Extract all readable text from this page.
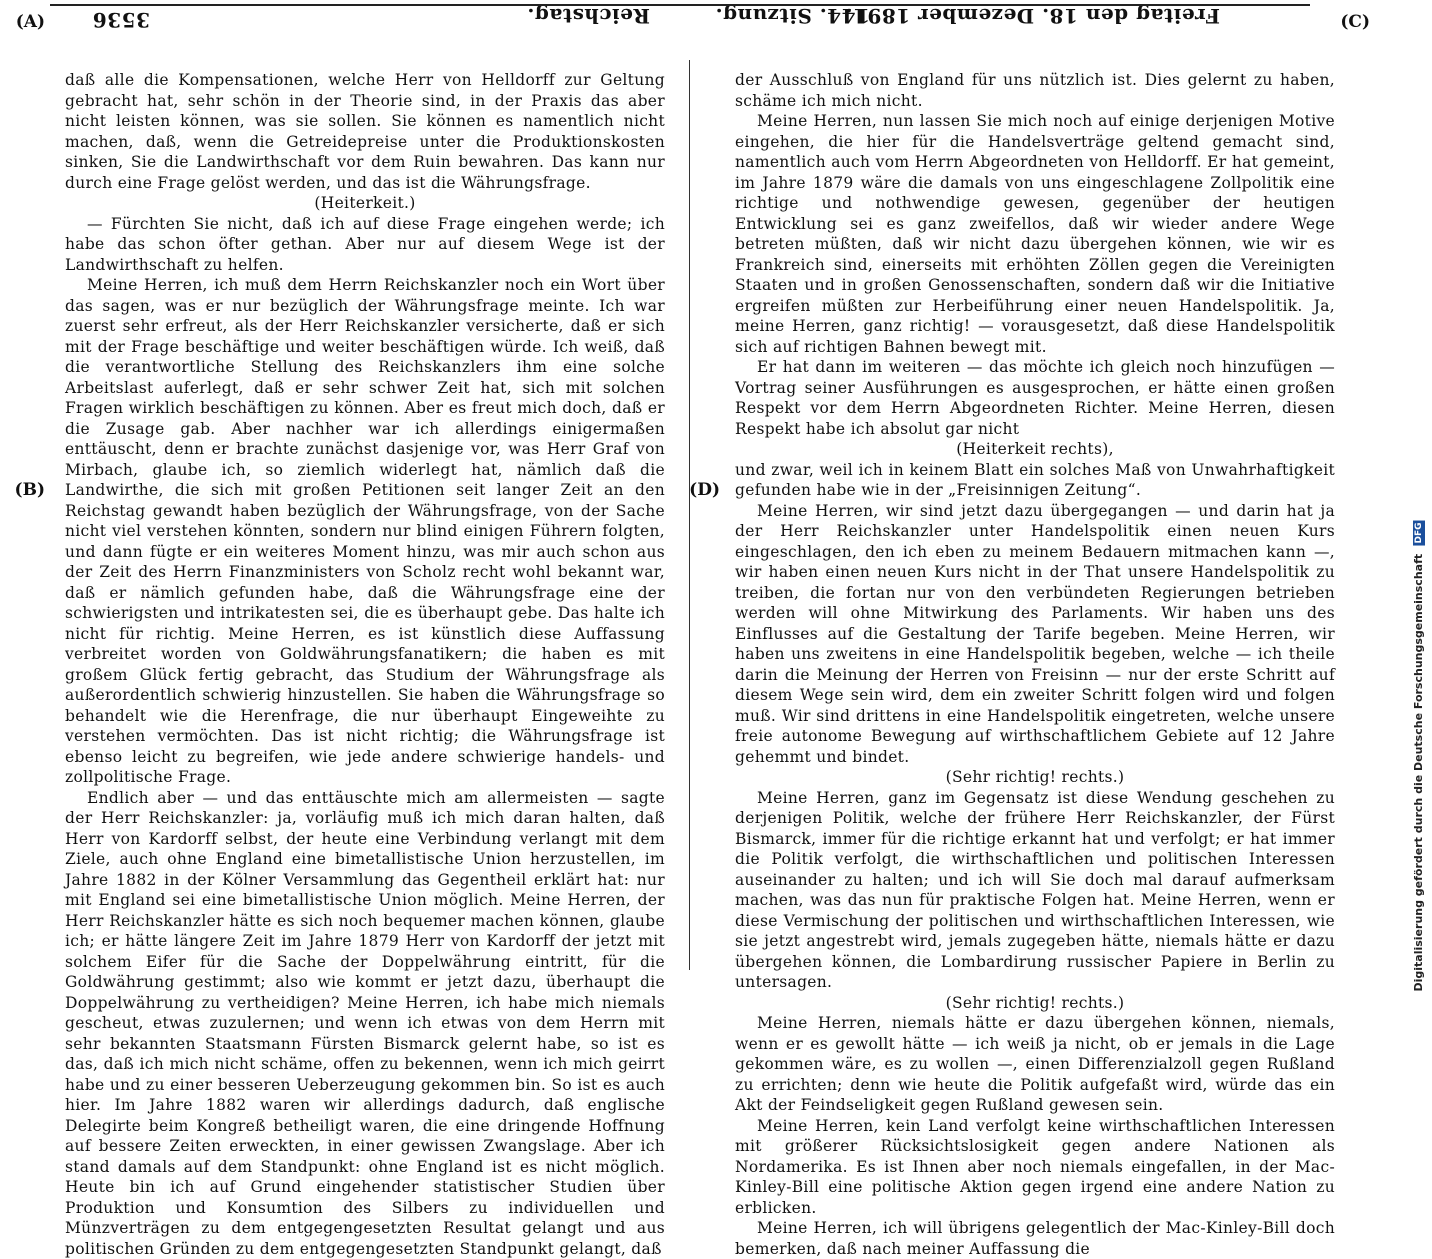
3536	Reichstag.	144. Sitzung.
Freitag den 18. Dezember 1891.

daß alle die Kompensationen, welche Herr von Helldorff zur Geltung gebracht hat, sehr schön in der Theorie sind, in der Praxis das aber nicht leisten können, was sie sollen. Sie können es namentlich nicht machen, daß, wenn die Getreidepreise unter die Produktionskosten sinken, Sie die Landwirthschaft vor dem Ruin bewahren. Das kann nur durch eine Frage gelöst werden, und das ist die Währungsfrage.

(Heiterkeit.)

— Fürchten Sie nicht, daß ich auf diese Frage eingehen werde; ich habe das schon öfter gethan. Aber nur auf diesem Wege ist der Landwirthschaft zu helfen.

Meine Herren, ich muß dem Herrn Reichskanzler noch ein Wort über das sagen, was er nur bezüglich der Währungsfrage meinte. Ich war zuerst sehr erfreut, als der Herr Reichskanzler versicherte, daß er sich mit der Frage beschäftige und weiter beschäftigen würde. Ich weiß, daß die verantwortliche Stellung des Reichskanzlers ihm eine solche Arbeitslast auferlegt, daß er sehr schwer Zeit hat, sich mit solchen Fragen wirklich beschäftigen zu können. Aber es freut mich doch, daß er die Zusage gab. Aber nachher war ich allerdings einigermaßen enttäuscht, denn er brachte zunächst dasjenige vor, was Herr Graf von Mirbach, glaube ich, so ziemlich widerlegt hat, nämlich daß die Landwirthe, die sich mit großen Petitionen seit langer Zeit an den Reichstag gewandt haben bezüglich der Währungsfrage, von der Sache nicht viel verstehen könnten, sondern nur blind einigen Führern folgten, und dann fügte er ein weiteres Moment hinzu, was mir auch schon aus der Zeit des Herrn Finanzministers von Scholz recht wohl bekannt war, daß er nämlich gefunden habe, daß die Währungsfrage eine der schwierigsten und intrikatesten sei, die es überhaupt gebe. Das halte ich nicht für richtig. Meine Herren, es ist künstlich diese Auffassung verbreitet worden von Goldwährungsfanatikern; die haben es mit großem Glück fertig gebracht, das Studium der Währungsfrage als außerordentlich schwierig hinzustellen. Sie haben die Währungsfrage so behandelt wie die Herenfrage, die nur überhaupt Eingeweihte zu verstehen vermöchten. Das ist nicht richtig; die Währungsfrage ist ebenso leicht zu begreifen, wie jede andere schwierige handels- und zollpolitische Frage.

Endlich aber — und das enttäuschte mich am allermeisten — sagte der Herr Reichskanzler: ja, vorläufig muß ich mich daran halten, daß Herr von Kardorff selbst, der heute eine Verbindung verlangt mit dem Ziele, auch ohne England eine bimetallistische Union herzustellen, im Jahre 1882 in der Kölner Versammlung das Gegentheil erklärt hat: nur mit England sei eine bimetallistische Union möglich. Meine Herren, der Herr Reichskanzler hätte es sich noch bequemer machen können, glaube ich; er hätte längere Zeit im Jahre 1879 Herr von Kardorff der jetzt mit solchem Eifer für die Sache der Doppelwährung eintritt, für die Goldwährung gestimmt; also wie kommt er jetzt dazu, überhaupt die Doppelwährung zu vertheidigen? Meine Herren, ich habe mich niemals gescheut, etwas zuzulernen; und wenn ich etwas von dem Herrn mit sehr bekannten Staatsmann Fürsten Bismarck gelernt habe, so ist es das, daß ich mich nicht schäme, offen zu bekennen, wenn ich mich geirrt habe und zu einer besseren Ueberzeugung gekommen bin. So ist es auch hier. Im Jahre 1882 waren wir allerdings dadurch, daß englische Delegirte beim Kongreß betheiligt waren, die eine dringende Hoffnung auf bessere Zeiten erweckten, in einer gewissen Zwangslage. Aber ich stand damals auf dem Standpunkt: ohne England ist es nicht möglich. Heute bin ich auf Grund eingehender statistischer Studien über Produktion und Konsumtion des Silbers zu individuellen und Münzverträgen zu dem entgegengesetzten Resultat gelangt und aus politischen Gründen zu dem entgegengesetzten Standpunkt gelangt, daß

der Ausschluß von England für uns nützlich ist. Dies gelernt zu haben, schäme ich mich nicht.

Meine Herren, nun lassen Sie mich noch auf einige derjenigen Motive eingehen, die hier für die Handelsverträge geltend gemacht sind, namentlich auch vom Herrn Abgeordneten von Helldorff. Er hat gemeint, im Jahre 1879 wäre die damals von uns eingeschlagene Zollpolitik eine richtige und nothwendige gewesen, gegenüber der heutigen Entwicklung sei es ganz zweifellos, daß wir wieder andere Wege betreten müßten, daß wir nicht dazu übergehen können, wie wir es Frankreich sind, einerseits mit erhöhten Zöllen gegen die Vereinigten Staaten und in großen Genossenschaften, sondern daß wir die Initiative ergreifen müßten zur Herbeiführung einer neuen Handelspolitik. Ja, meine Herren, ganz richtig! — vorausgesetzt, daß diese Handelspolitik sich auf richtigen Bahnen bewegt mit.

Er hat dann im weiteren — das möchte ich gleich noch hinzufügen — Vortrag seiner Ausführungen es ausgesprochen, er hätte einen großen Respekt vor dem Herrn Abgeordneten Richter. Meine Herren, diesen Respekt habe ich absolut gar nicht

(Heiterkeit rechts),

und zwar, weil ich in keinem Blatt ein solches Maß von Unwahrhaftigkeit gefunden habe wie in der „Freisinnigen Zeitung“.

Meine Herren, wir sind jetzt dazu übergegangen — und darin hat ja der Herr Reichskanzler unter Handelspolitik einen neuen Kurs eingeschlagen, den ich eben zu meinem Bedauern mitmachen kann —, wir haben einen neuen Kurs nicht in der That unsere Handelspolitik zu treiben, die fortan nur von den verbündeten Regierungen betrieben werden will ohne Mitwirkung des Parlaments. Wir haben uns des Einflusses auf die Gestaltung der Tarife begeben. Meine Herren, wir haben uns zweitens in eine Handelspolitik begeben, welche — ich theile darin die Meinung der Herren von Freisinn — nur der erste Schritt auf diesem Wege sein wird, dem ein zweiter Schritt folgen wird und folgen muß. Wir sind drittens in eine Handelspolitik eingetreten, welche unsere freie autonome Bewegung auf wirthschaftlichem Gebiete auf 12 Jahre gehemmt und bindet.

(Sehr richtig! rechts.)

Meine Herren, ganz im Gegensatz ist diese Wendung geschehen zu derjenigen Politik, welche der frühere Herr Reichskanzler, der Fürst Bismarck, immer für die richtige erkannt hat und verfolgt; er hat immer die Politik verfolgt, die wirthschaftlichen und politischen Interessen auseinander zu halten; und ich will Sie doch mal darauf aufmerksam machen, was das nun für praktische Folgen hat. Meine Herren, wenn er diese Vermischung der politischen und wirthschaftlichen Interessen, wie sie jetzt angestrebt wird, jemals zugegeben hätte, niemals hätte er dazu übergehen können, die Lombardirung russischer Papiere in Berlin zu untersagen.

(Sehr richtig! rechts.)

Meine Herren, niemals hätte er dazu übergehen können, niemals, wenn er es gewollt hätte — ich weiß ja nicht, ob er jemals in die Lage gekommen wäre, es zu wollen —, einen Differenzialzoll gegen Rußland zu errichten; denn wie heute die Politik aufgefaßt wird, würde das ein Akt der Feindseligkeit gegen Rußland gewesen sein.

Meine Herren, kein Land verfolgt keine wirthschaftlichen Interessen mit größerer Rücksichtslosigkeit gegen andere Nationen als Nordamerika. Es ist Ihnen aber noch niemals eingefallen, in der Mac-Kinley-Bill eine politische Aktion gegen irgend eine andere Nation zu erblicken.

Meine Herren, ich will übrigens gelegentlich der Mac-Kinley-Bill doch bemerken, daß nach meiner Auffassung die

(A)
(B)
(C)
(D)
Digitalisierung gefördert durch die Deutsche Forschungsgemeinschaft DFG
